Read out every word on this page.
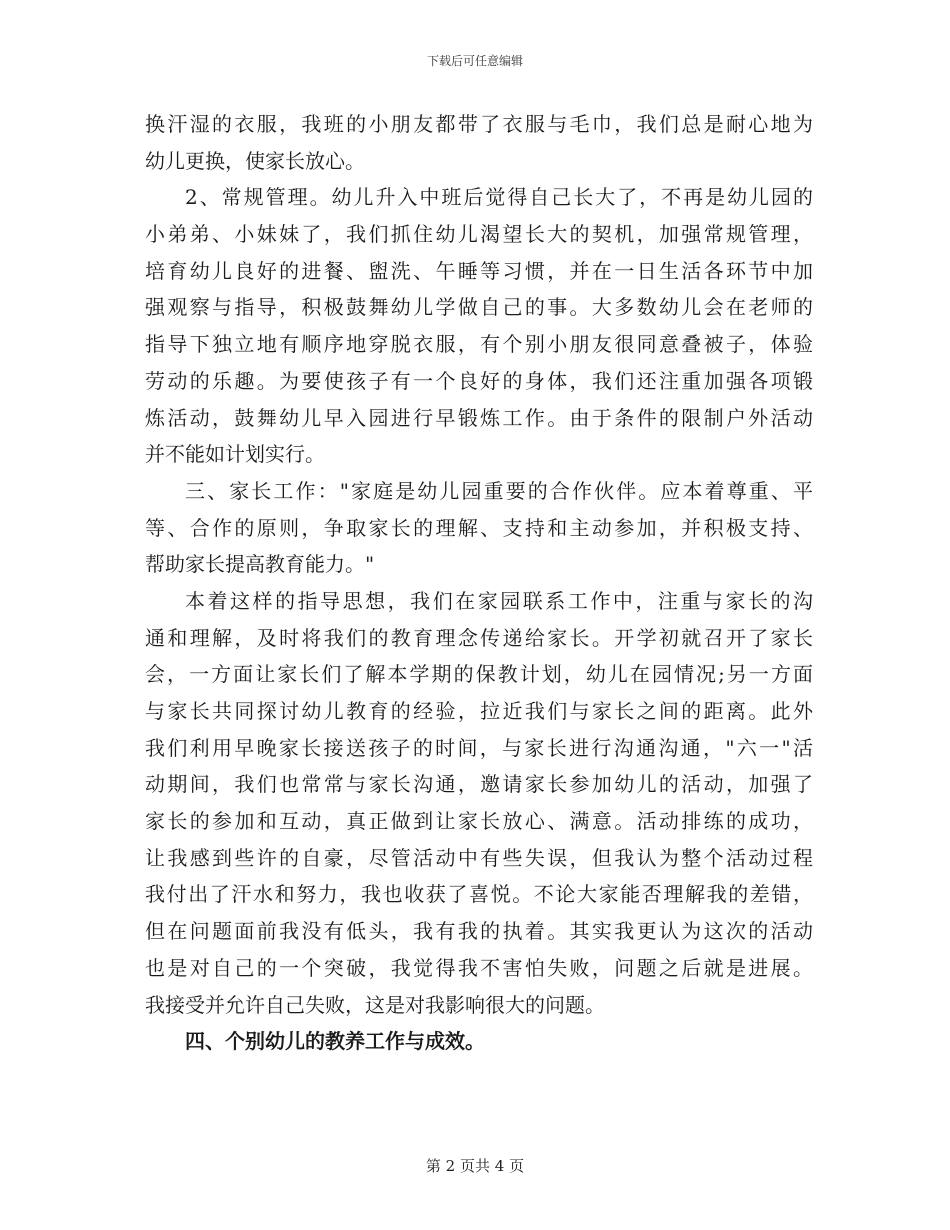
下载后可任意编辑
换汗湿的衣服，我班的小朋友都带了衣服与毛巾，我们总是耐心地为
幼儿更换，使家长放心。
2、常规管理。幼儿升入中班后觉得自己长大了，不再是幼儿园的
小弟弟、小妹妹了，我们抓住幼儿渴望长大的契机，加强常规管理，
培育幼儿良好的进餐、盥洗、午睡等习惯，并在一日生活各环节中加
强观察与指导，积极鼓舞幼儿学做自己的事。大多数幼儿会在老师的
指导下独立地有顺序地穿脱衣服，有个别小朋友很同意叠被子，体验
劳动的乐趣。为要使孩子有一个良好的身体，我们还注重加强各项锻
炼活动，鼓舞幼儿早入园进行早锻炼工作。由于条件的限制户外活动
并不能如计划实行。
三、家长工作："家庭是幼儿园重要的合作伙伴。应本着尊重、平
等、合作的原则，争取家长的理解、支持和主动参加，并积极支持、
帮助家长提高教育能力。"
本着这样的指导思想，我们在家园联系工作中，注重与家长的沟
通和理解，及时将我们的教育理念传递给家长。开学初就召开了家长
会，一方面让家长们了解本学期的保教计划，幼儿在园情况;另一方面
与家长共同探讨幼儿教育的经验，拉近我们与家长之间的距离。此外
我们利用早晚家长接送孩子的时间，与家长进行沟通沟通，"六一"活
动期间，我们也常常与家长沟通，邀请家长参加幼儿的活动，加强了
家长的参加和互动，真正做到让家长放心、满意。活动排练的成功，
让我感到些许的自豪，尽管活动中有些失误，但我认为整个活动过程
我付出了汗水和努力，我也收获了喜悦。不论大家能否理解我的差错，
但在问题面前我没有低头，我有我的执着。其实我更认为这次的活动
也是对自己的一个突破，我觉得我不害怕失败，问题之后就是进展。
我接受并允许自己失败，这是对我影响很大的问题。
四、个别幼儿的教养工作与成效。
第 2 页共 4 页
